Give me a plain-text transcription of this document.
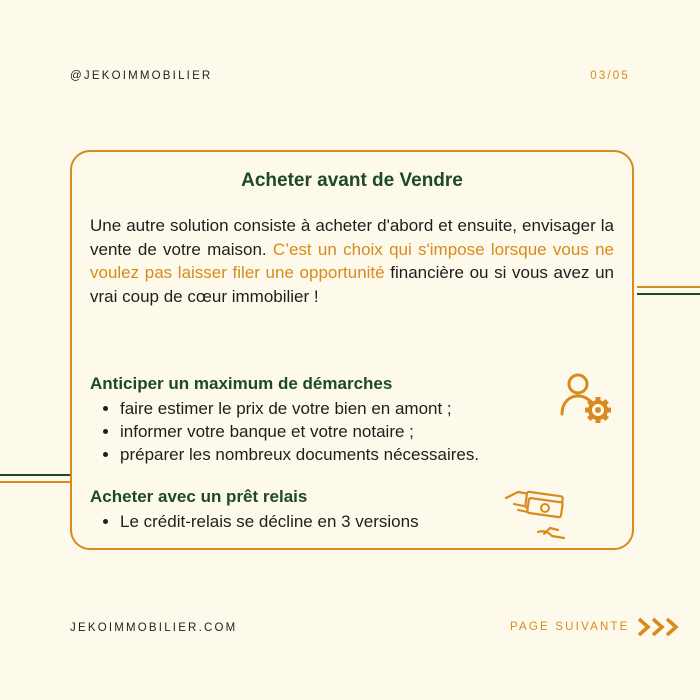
@JEKOIMMOBILIER	03/05
Acheter avant de Vendre

Une autre solution consiste à acheter d'abord et ensuite, envisager la vente de votre maison. C’est un choix qui s'impose lorsque vous ne voulez pas laisser filer une opportunité financière ou si vous avez un vrai coup de cœur immobilier !

Anticiper un maximum de démarches
• faire estimer le prix de votre bien en amont ;
• informer votre banque et votre notaire ;
• préparer les nombreux documents nécessaires.
Acheter avec un prêt relais
• Le crédit-relais se décline en 3 versions
JEKOIMMOBILIER.COM	PAGE SUIVANTE
